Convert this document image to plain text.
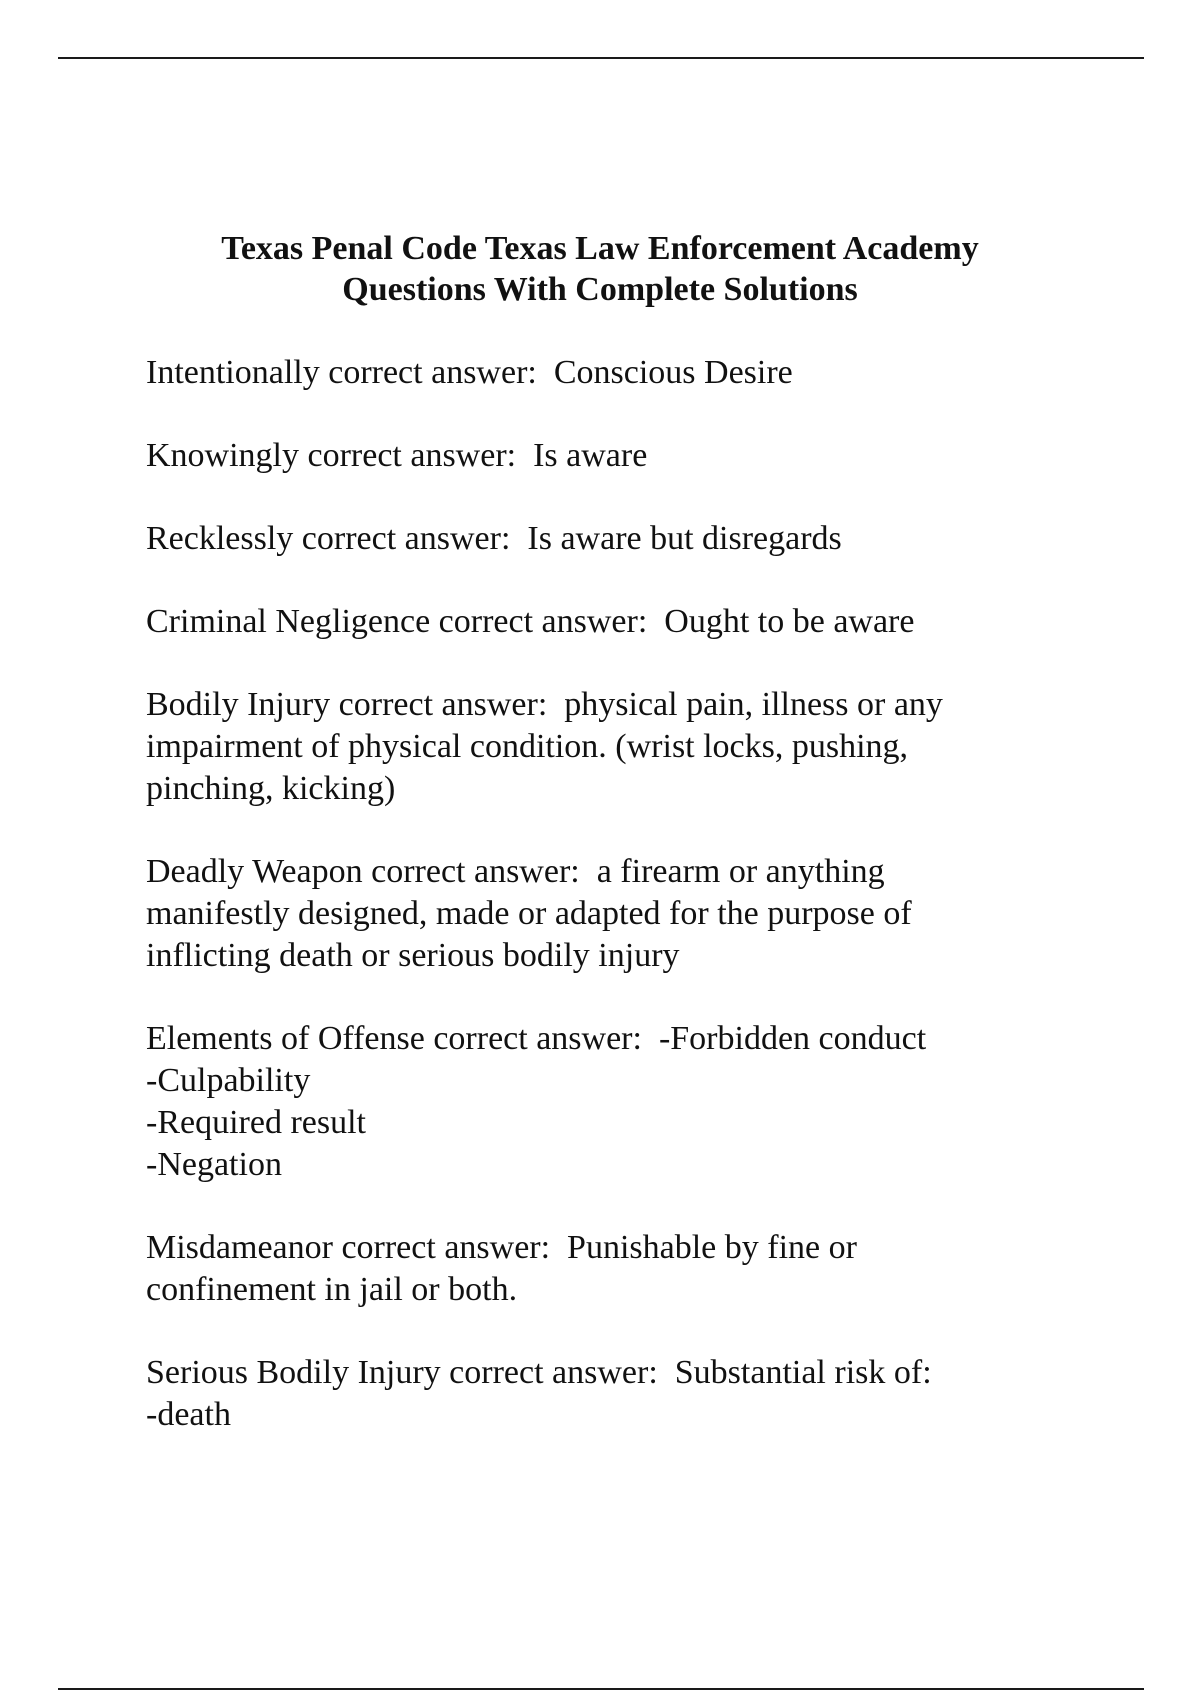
Texas Penal Code Texas Law Enforcement Academy
Questions With Complete Solutions

Intentionally correct answer:  Conscious Desire

Knowingly correct answer:  Is aware

Recklessly correct answer:  Is aware but disregards

Criminal Negligence correct answer:  Ought to be aware

Bodily Injury correct answer:  physical pain, illness or any
impairment of physical condition. (wrist locks, pushing,
pinching, kicking)

Deadly Weapon correct answer:  a firearm or anything
manifestly designed, made or adapted for the purpose of
inflicting death or serious bodily injury

Elements of Offense correct answer:  -Forbidden conduct
-Culpability
-Required result
-Negation

Misdameanor correct answer:  Punishable by fine or
confinement in jail or both.

Serious Bodily Injury correct answer:  Substantial risk of:
-death
